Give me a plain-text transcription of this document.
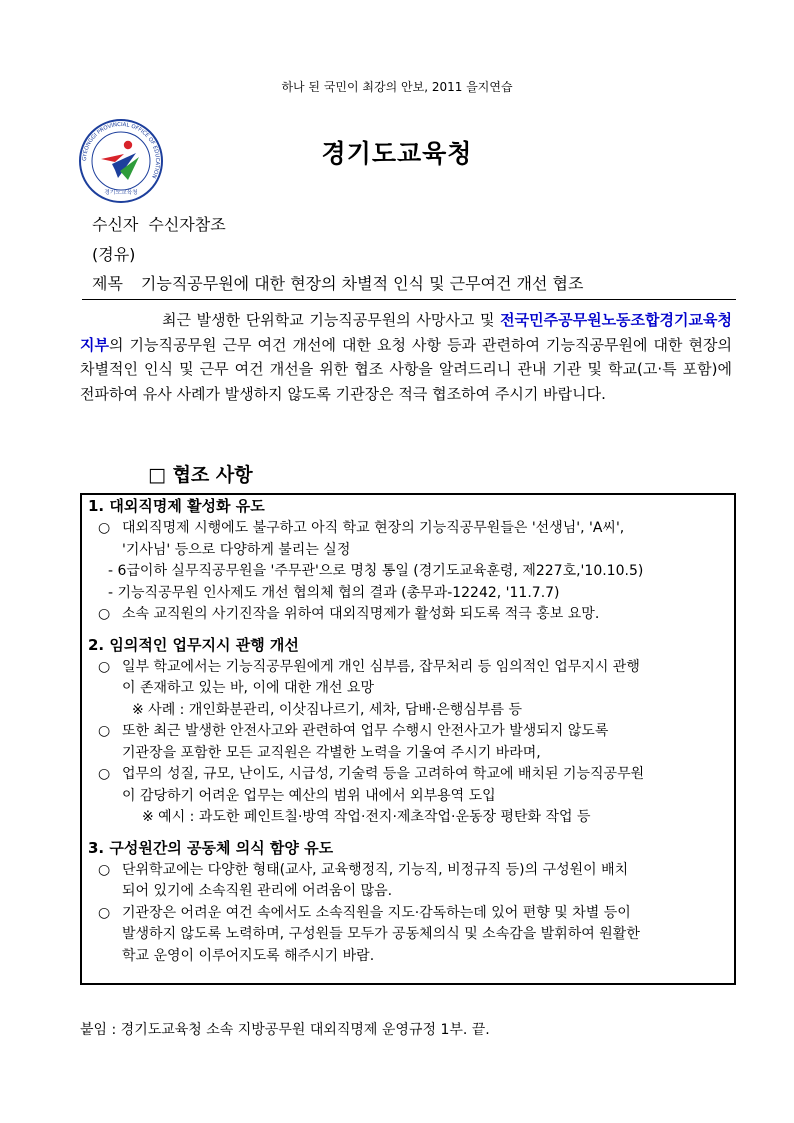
하나 된 국민이 최강의 안보, 2011 을지연습
GYEONGGI PROVINCIAL OFFICE OF EDUCATION
경기도교육청
경기도교육청
수신자 수신자참조
(경유)
제목 기능직공무원에 대한 현장의 차별적 인식 및 근무여건 개선 협조
최근 발생한 단위학교 기능직공무원의 사망사고 및 전국민주공무원노동조합경기교육청지부의 기능직공무원 근무 여건 개선에 대한 요청 사항 등과 관련하여 기능직공무원에 대한 현장의 차별적인 인식 및 근무 여건 개선을 위한 협조 사항을 알려드리니 관내 기관 및 학교(고·특 포함)에 전파하여 유사 사례가 발생하지 않도록 기관장은 적극 협조하여 주시기 바랍니다.
□ 협조 사항

1. 대외직명제 활성화 유도

○ 대외직명제 시행에도 불구하고 아직 학교 현장의 기능직공무원들은 '선생님', 'A씨',
'기사님' 등으로 다양하게 불리는 실정
- 6급이하 실무직공무원을 '주무관'으로 명칭 통일 (경기도교육훈령, 제227호,'10.10.5)
- 기능직공무원 인사제도 개선 협의체 협의 결과 (총무과-12242, '11.7.7)
○ 소속 교직원의 사기진작을 위하여 대외직명제가 활성화 되도록 적극 홍보 요망.

2. 임의적인 업무지시 관행 개선

○ 일부 학교에서는 기능직공무원에게 개인 심부름, 잡무처리 등 임의적인 업무지시 관행
이 존재하고 있는 바, 이에 대한 개선 요망
※ 사례 : 개인화분관리, 이삿짐나르기, 세차, 담배·은행심부름 등
○ 또한 최근 발생한 안전사고와 관련하여 업무 수행시 안전사고가 발생되지 않도록
기관장을 포함한 모든 교직원은 각별한 노력을 기울여 주시기 바라며,
○ 업무의 성질, 규모, 난이도, 시급성, 기술력 등을 고려하여 학교에 배치된 기능직공무원
이 감당하기 어려운 업무는 예산의 범위 내에서 외부용역 도입
※ 예시 : 과도한 페인트칠·방역 작업·전지·제초작업·운동장 평탄화 작업 등

3. 구성원간의 공동체 의식 함양 유도

○ 단위학교에는 다양한 형태(교사, 교육행정직, 기능직, 비정규직 등)의 구성원이 배치
되어 있기에 소속직원 관리에 어려움이 많음.
○ 기관장은 어려운 여건 속에서도 소속직원을 지도·감독하는데 있어 편향 및 차별 등이
발생하지 않도록 노력하며, 구성원들 모두가 공동체의식 및 소속감을 발휘하여 원활한
학교 운영이 이루어지도록 해주시기 바람.
붙임 : 경기도교육청 소속 지방공무원 대외직명제 운영규정 1부. 끝.
